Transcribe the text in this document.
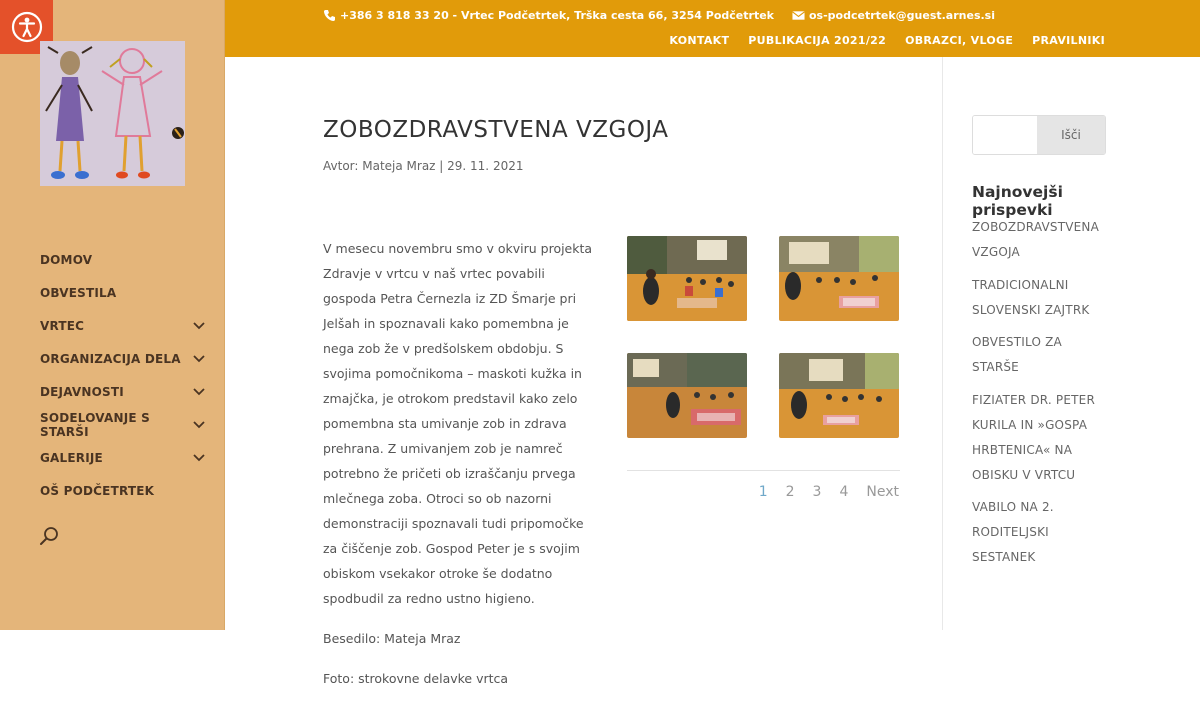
DOMOV
OBVESTILA
VRTEC
ORGANIZACIJA DELA
DEJAVNOSTI
SODELOVANJE S STARŠI
GALERIJE
OŠ PODČETRTEK
+386 3 818 33 20 - Vrtec Podčetrtek, Trška cesta 66, 3254 Podčetrtek	os-podcetrtek@guest.arnes.si
KONTAKT PUBLIKACIJA 2021/22 OBRAZCI, VLOGE PRAVILNIKI
ZOBOZDRAVSTVENA VZGOJA
Avtor: Mateja Mraz | 29. 11. 2021

V mesecu novembru smo v okviru projekta Zdravje v vrtcu v naš vrtec povabili gospoda Petra Černezla iz ZD Šmarje pri Jelšah in spoznavali kako pomembna je nega zob že v predšolskem obdobju. S svojima pomočnikoma – maskoti kužka in zmajčka, je otrokom predstavil kako zelo pomembna sta umivanje zob in zdrava prehrana. Z umivanjem zob je namreč potrebno že pričeti ob izraščanju prvega mlečnega zoba. Otroci so ob nazorni demonstraciji spoznavali tudi pripomočke za čiščenje zob. Gospod Peter je s svojim obiskom vsekakor otroke še dodatno spodbudil za redno ustno higieno.

Besedilo: Mateja Mraz

Foto: strokovne delavke vrtca

1 2 3 4 Next
Išči
Najnovejši prispevki
ZOBOZDRAVSTVENA VZGOJA
TRADICIONALNI SLOVENSKI ZAJTRK
OBVESTILO ZA STARŠE
FIZIATER DR. PETER KURILA IN »GOSPA HRBTENICA« NA OBISKU V VRTCU
VABILO NA 2. RODITELJSKI SESTANEK
